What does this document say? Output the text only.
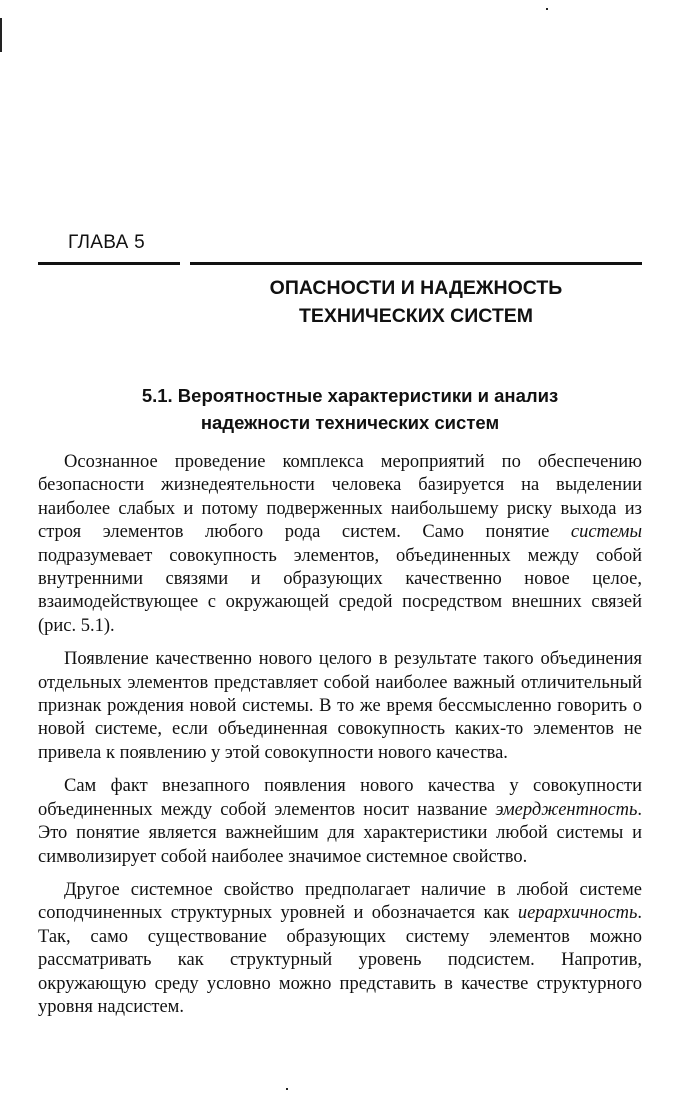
ГЛАВА 5
ОПАСНОСТИ И НАДЕЖНОСТЬ
ТЕХНИЧЕСКИХ СИСТЕМ
5.1. Вероятностные характеристики и анализ
надежности технических систем

Осознанное проведение комплекса мероприятий по обеспечению безопасности жизнедеятельности человека базируется на выделении наиболее слабых и потому подверженных наибольшему риску выхода из строя элементов любого рода систем. Само понятие системы подразумевает совокупность элементов, объединенных между собой внутренними связями и образующих качественно новое целое, взаимодействующее с окружающей средой посредством внешних связей (рис. 5.1).

Появление качественно нового целого в результате такого объединения отдельных элементов представляет собой наиболее важный отличительный признак рождения новой системы. В то же время бессмысленно говорить о новой системе, если объединенная совокупность каких-то элементов не привела к появлению у этой совокупности нового качества.

Сам факт внезапного появления нового качества у совокупности объединенных между собой элементов носит название эмерджентность. Это понятие является важнейшим для характеристики любой системы и символизирует собой наиболее значимое системное свойство.

Другое системное свойство предполагает наличие в любой системе соподчиненных структурных уровней и обозначается как иерархичность. Так, само существование образующих систему элементов можно рассматривать как структурный уровень подсистем. Напротив, окружающую среду условно можно представить в качестве структурного уровня надсистем.
